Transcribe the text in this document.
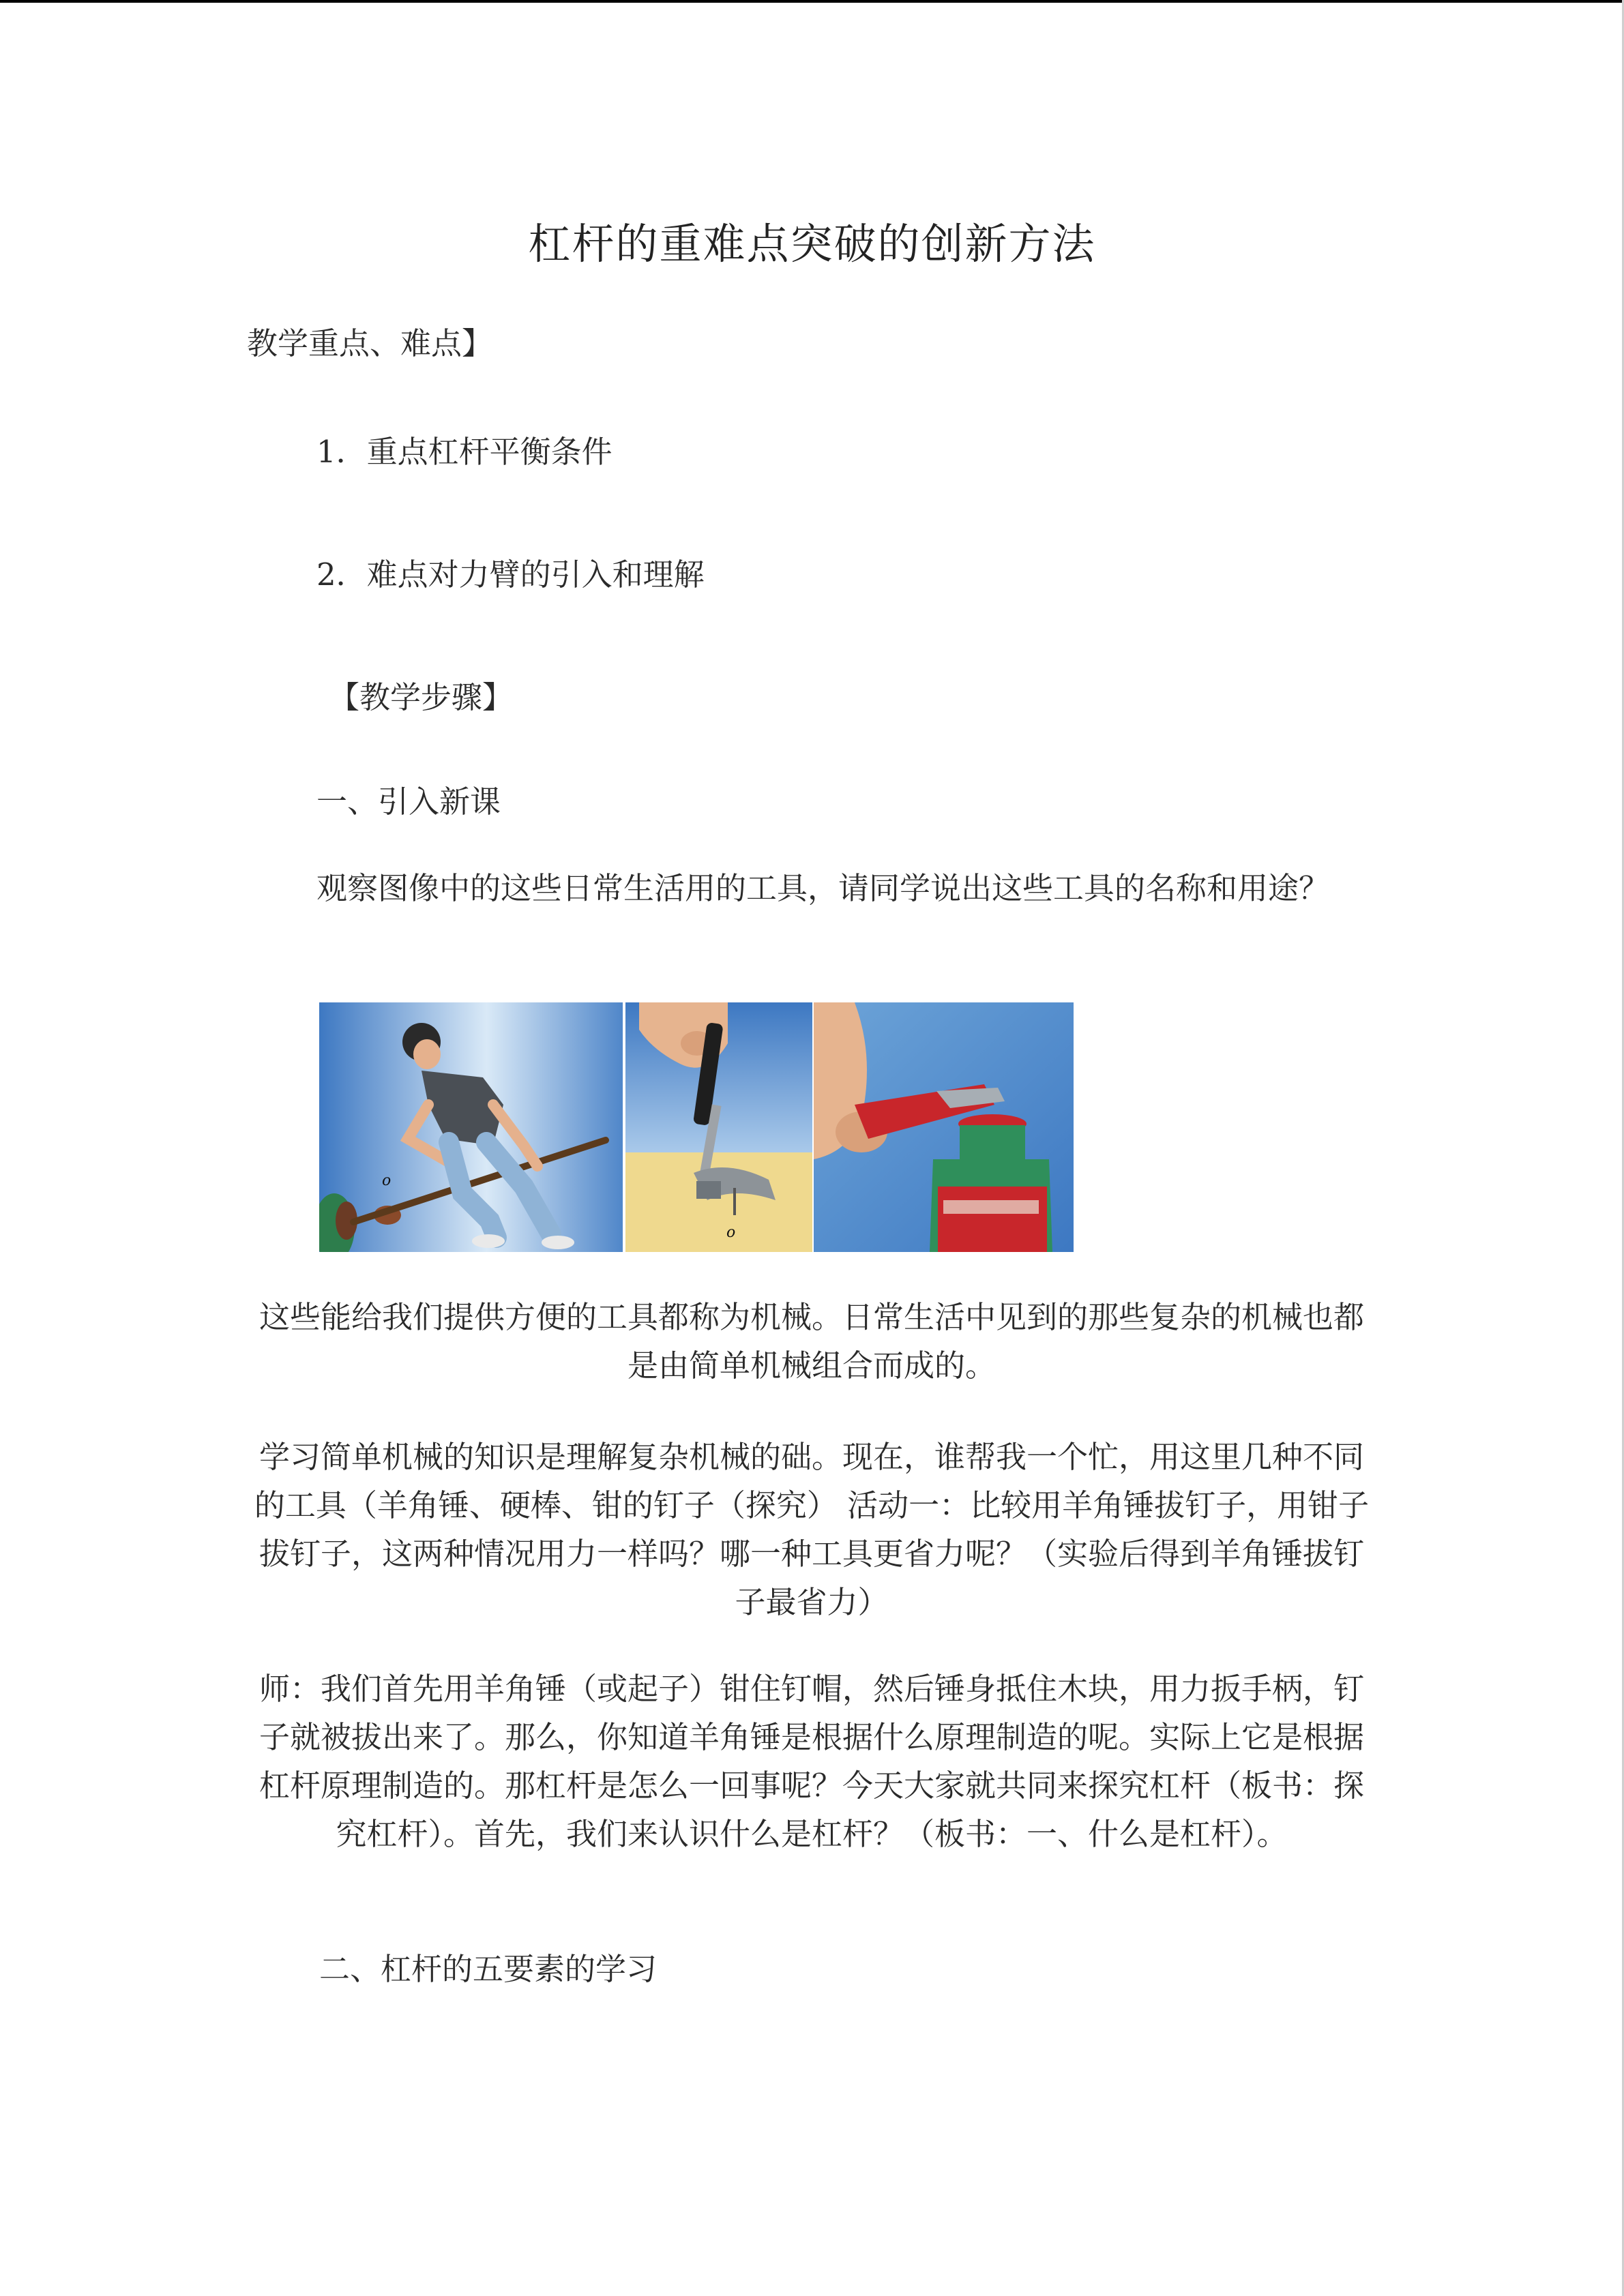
杠杆的重难点突破的创新方法
教学重点、难点】
1．重点杠杆平衡条件
2．难点对力臂的引入和理解
【教学步骤】
一、引入新课
观察图像中的这些日常生活用的工具，请同学说出这些工具的名称和用途？
o
o
这些能给我们提供方便的工具都称为机械。日常生活中见到的那些复杂的机械也都是由简单机械组合而成的。
学习简单机械的知识是理解复杂机械的础。现在，谁帮我一个忙，用这里几种不同的工具（羊角锤、硬棒、钳的钉子（探究） 活动一：比较用羊角锤拔钉子，用钳子拔钉子，这两种情况用力一样吗？哪一种工具更省力呢？（实验后得到羊角锤拔钉子最省力）
师：我们首先用羊角锤（或起子）钳住钉帽，然后锤身抵住木块，用力扳手柄，钉子就被拔出来了。那么，你知道羊角锤是根据什么原理制造的呢。实际上它是根据杠杆原理制造的。那杠杆是怎么一回事呢？今天大家就共同来探究杠杆（板书：探究杠杆）。首先，我们来认识什么是杠杆？（板书：一、什么是杠杆）。
二、杠杆的五要素的学习
